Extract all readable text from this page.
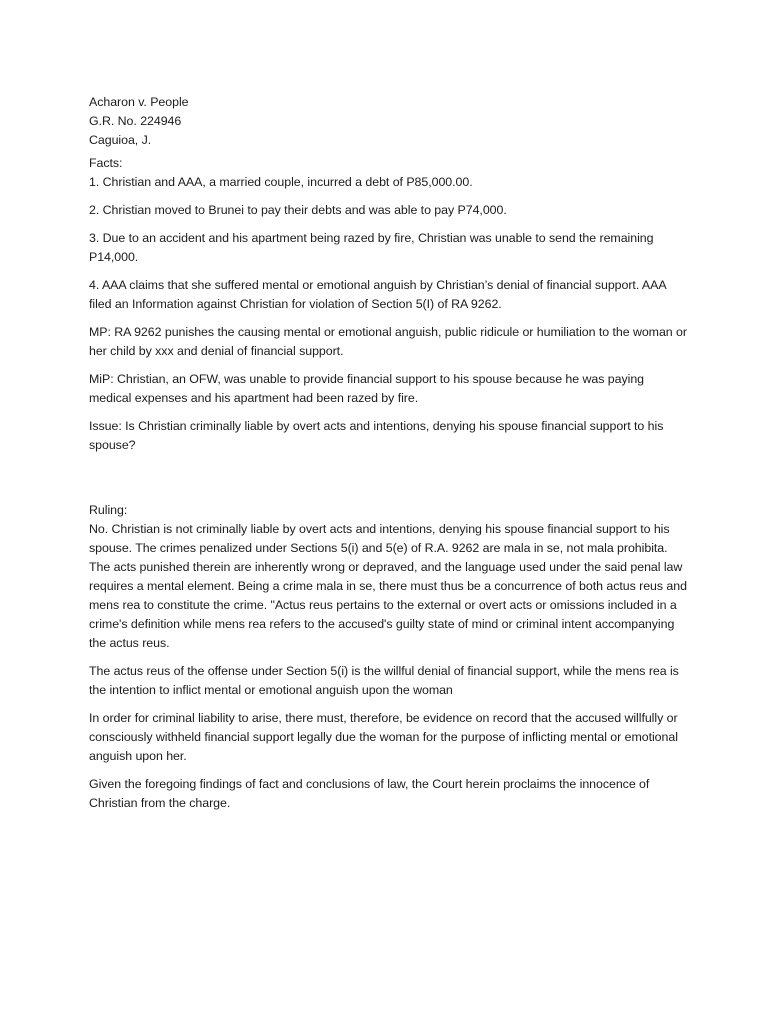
Acharon v. People
G.R. No. 224946
Caguioa, J.
Facts:
1. Christian and AAA, a married couple, incurred a debt of P85,000.00.
2. Christian moved to Brunei to pay their debts and was able to pay P74,000.
3. Due to an accident and his apartment being razed by fire, Christian was unable to send the remaining P14,000.
4. AAA claims that she suffered mental or emotional anguish by Christian’s denial of financial support. AAA filed an Information against Christian for violation of Section 5(I) of RA 9262.
MP: RA 9262 punishes the causing mental or emotional anguish, public ridicule or humiliation to the woman or her child by xxx and denial of financial support.
MiP: Christian, an OFW, was unable to provide financial support to his spouse because he was paying medical expenses and his apartment had been razed by fire.
Issue: Is Christian criminally liable by overt acts and intentions, denying his spouse financial support to his spouse?
Ruling:
No. Christian is not criminally liable by overt acts and intentions, denying his spouse financial support to his spouse. The crimes penalized under Sections 5(i) and 5(e) of R.A. 9262 are mala in se, not mala prohibita. The acts punished therein are inherently wrong or depraved, and the language used under the said penal law requires a mental element. Being a crime mala in se, there must thus be a concurrence of both actus reus and mens rea to constitute the crime. "Actus reus pertains to the external or overt acts or omissions included in a crime's definition while mens rea refers to the accused's guilty state of mind or criminal intent accompanying the actus reus.
The actus reus of the offense under Section 5(i) is the willful denial of financial support, while the mens rea is the intention to inflict mental or emotional anguish upon the woman
In order for criminal liability to arise, there must, therefore, be evidence on record that the accused willfully or consciously withheld financial support legally due the woman for the purpose of inflicting mental or emotional anguish upon her.
Given the foregoing findings of fact and conclusions of law, the Court herein proclaims the innocence of Christian from the charge.
